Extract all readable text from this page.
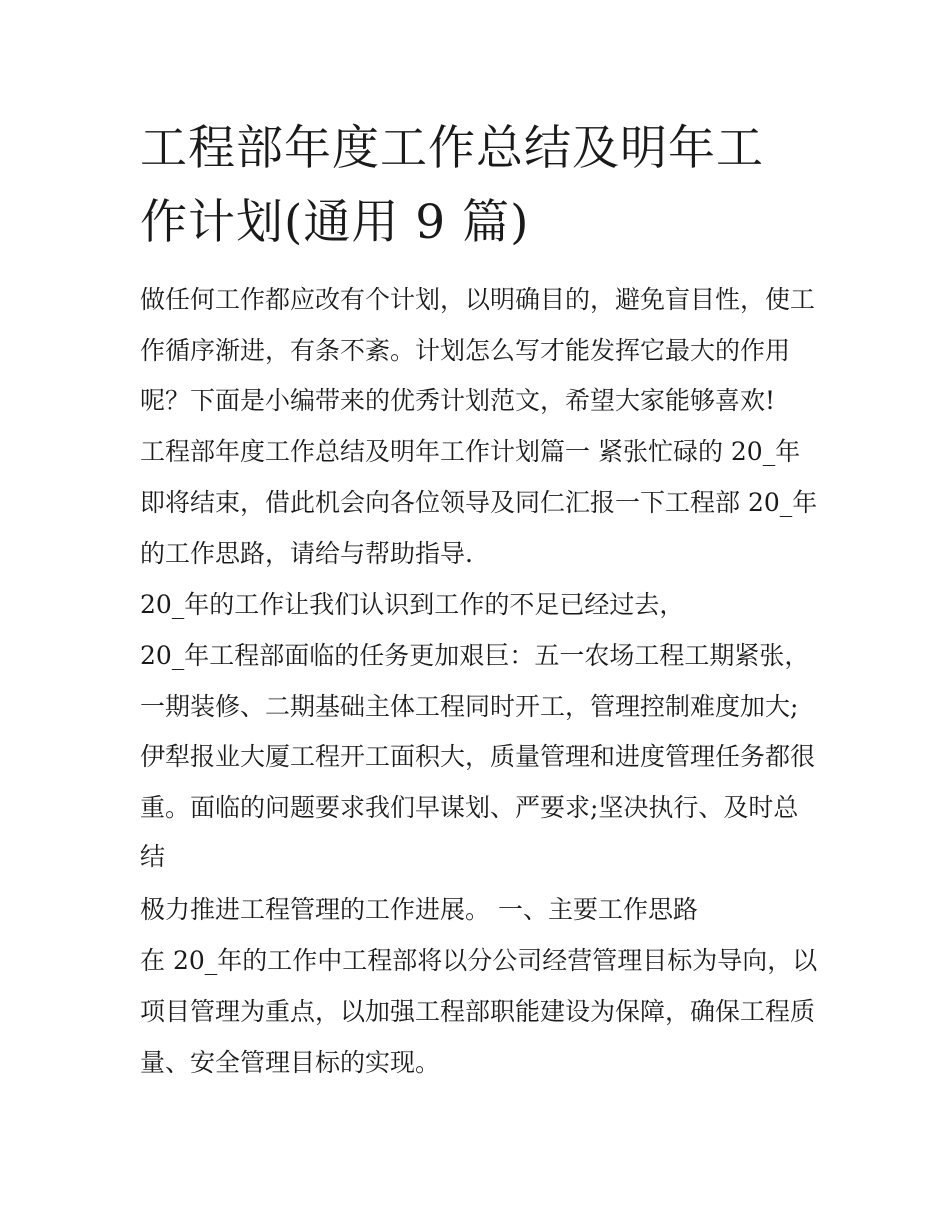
工程部年度工作总结及明年工
作计划(通用 9 篇)

做任何工作都应改有个计划，以明确目的，避免盲目性，使工

作循序渐进，有条不紊。计划怎么写才能发挥它最大的作用

呢？下面是小编带来的优秀计划范文，希望大家能够喜欢!

工程部年度工作总结及明年工作计划篇一 紧张忙碌的 20_年

即将结束，借此机会向各位领导及同仁汇报一下工程部 20_年

的工作思路，请给与帮助指导.

20_年的工作让我们认识到工作的不足已经过去，

20_年工程部面临的任务更加艰巨：五一农场工程工期紧张，

一期装修、二期基础主体工程同时开工，管理控制难度加大;

伊犁报业大厦工程开工面积大，质量管理和进度管理任务都很

重。面临的问题要求我们早谋划、严要求;坚决执行、及时总

结

极力推进工程管理的工作进展。 一、主要工作思路

在 20_年的工作中工程部将以分公司经营管理目标为导向，以

项目管理为重点，以加强工程部职能建设为保障，确保工程质

量、安全管理目标的实现。
